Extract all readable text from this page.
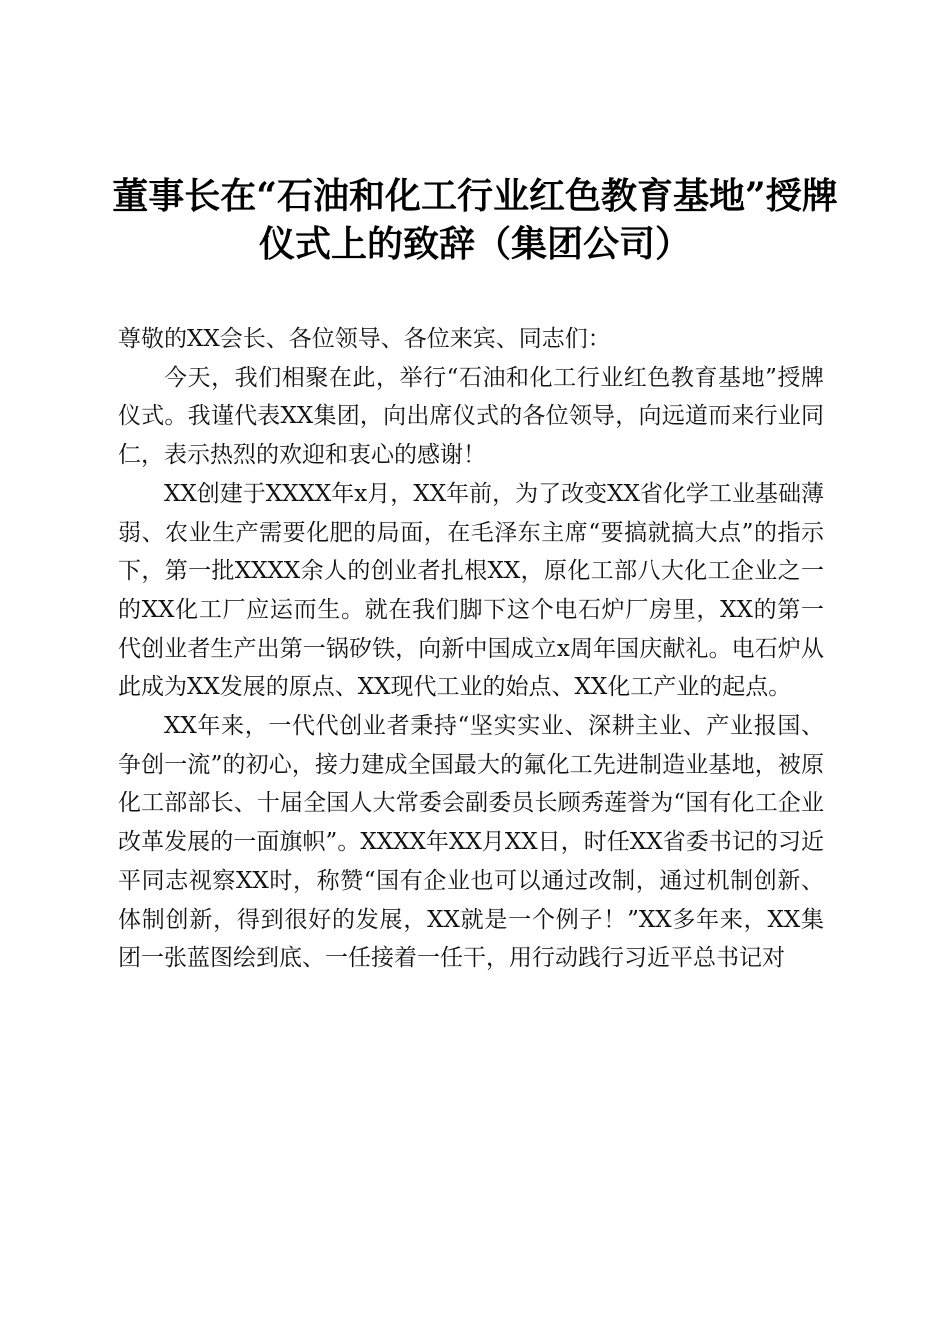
董事长在“石油和化工行业红色教育基地”授牌仪式上的致辞（集团公司）

尊敬的XX会长、各位领导、各位来宾、同志们：

今天，我们相聚在此，举行“石油和化工行业红色教育基地”授牌仪式。我谨代表XX集团，向出席仪式的各位领导，向远道而来行业同仁，表示热烈的欢迎和衷心的感谢！

XX创建于XXXX年x月，XX年前，为了改变XX省化学工业基础薄弱、农业生产需要化肥的局面，在毛泽东主席“要搞就搞大点”的指示下，第一批XXXX余人的创业者扎根XX，原化工部八大化工企业之一的XX化工厂应运而生。就在我们脚下这个电石炉厂房里，XX的第一代创业者生产出第一锅矽铁，向新中国成立x周年国庆献礼。电石炉从此成为XX发展的原点、XX现代工业的始点、XX化工产业的起点。

XX年来，一代代创业者秉持“坚实实业、深耕主业、产业报国、争创一流”的初心，接力建成全国最大的氟化工先进制造业基地，被原化工部部长、十届全国人大常委会副委员长顾秀莲誉为“国有化工企业改革发展的一面旗帜”。XXXX年XX月XX日，时任XX省委书记的习近平同志视察XX时，称赞“国有企业也可以通过改制，通过机制创新、体制创新，得到很好的发展，XX就是一个例子！”XX多年来，XX集团一张蓝图绘到底、一任接着一任干，用行动践行习近平总书记对
